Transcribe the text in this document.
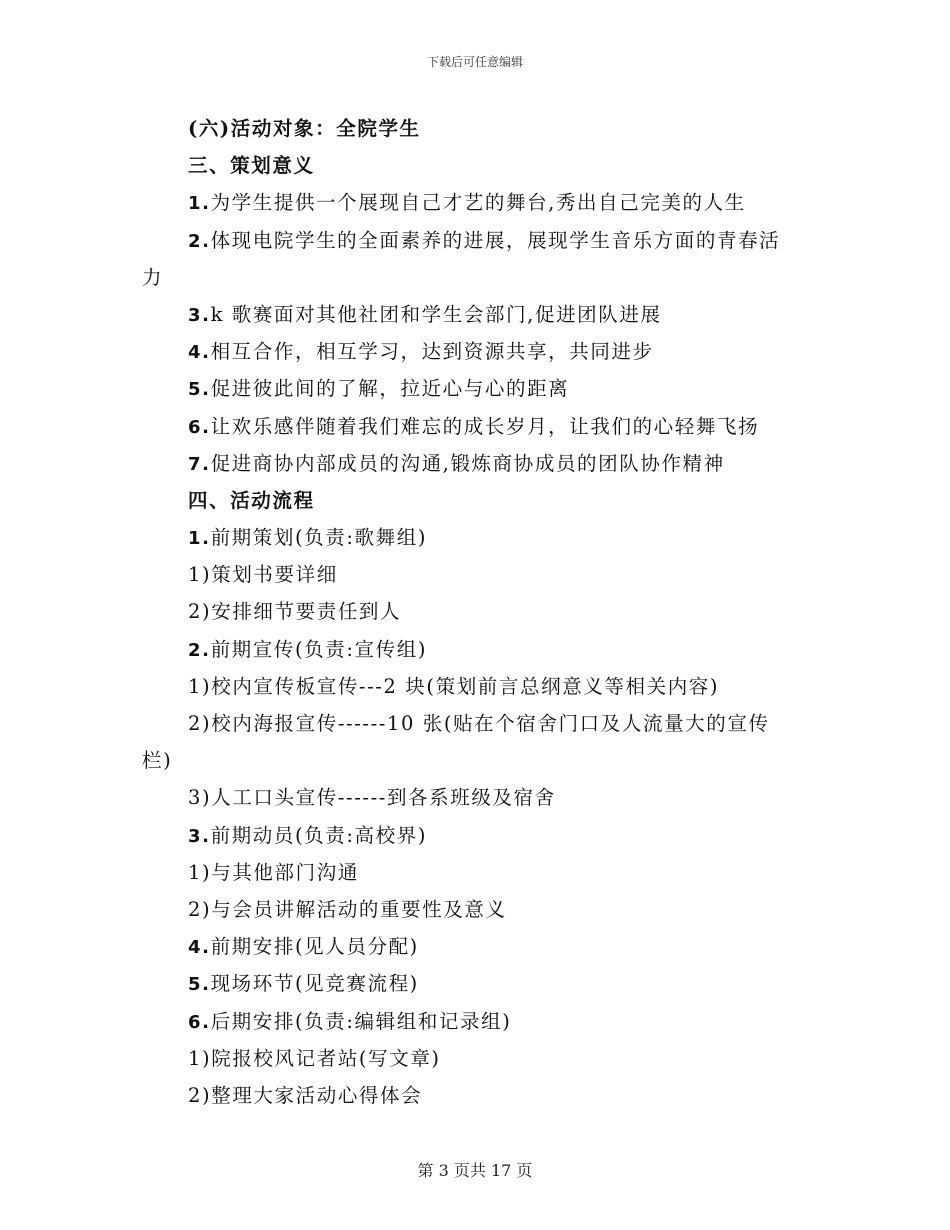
下载后可任意编辑
(六)活动对象：全院学生
三、策划意义
1.为学生提供一个展现自己才艺的舞台,秀出自己完美的人生
2.体现电院学生的全面素养的进展，展现学生音乐方面的青春活
力
3.k 歌赛面对其他社团和学生会部门,促进团队进展
4.相互合作，相互学习，达到资源共享，共同进步
5.促进彼此间的了解，拉近心与心的距离
6.让欢乐感伴随着我们难忘的成长岁月，让我们的心轻舞飞扬
7.促进商协内部成员的沟通,锻炼商协成员的团队协作精神
四、活动流程
1.前期策划(负责:歌舞组)
1)策划书要详细
2)安排细节要责任到人
2.前期宣传(负责:宣传组)
1)校内宣传板宣传---2 块(策划前言总纲意义等相关内容)
2)校内海报宣传------10 张(贴在个宿舍门口及人流量大的宣传
栏)
3)人工口头宣传------到各系班级及宿舍
3.前期动员(负责:高校界)
1)与其他部门沟通
2)与会员讲解活动的重要性及意义
4.前期安排(见人员分配)
5.现场环节(见竞赛流程)
6.后期安排(负责:编辑组和记录组)
1)院报校风记者站(写文章)
2)整理大家活动心得体会
第 3 页共 17 页
